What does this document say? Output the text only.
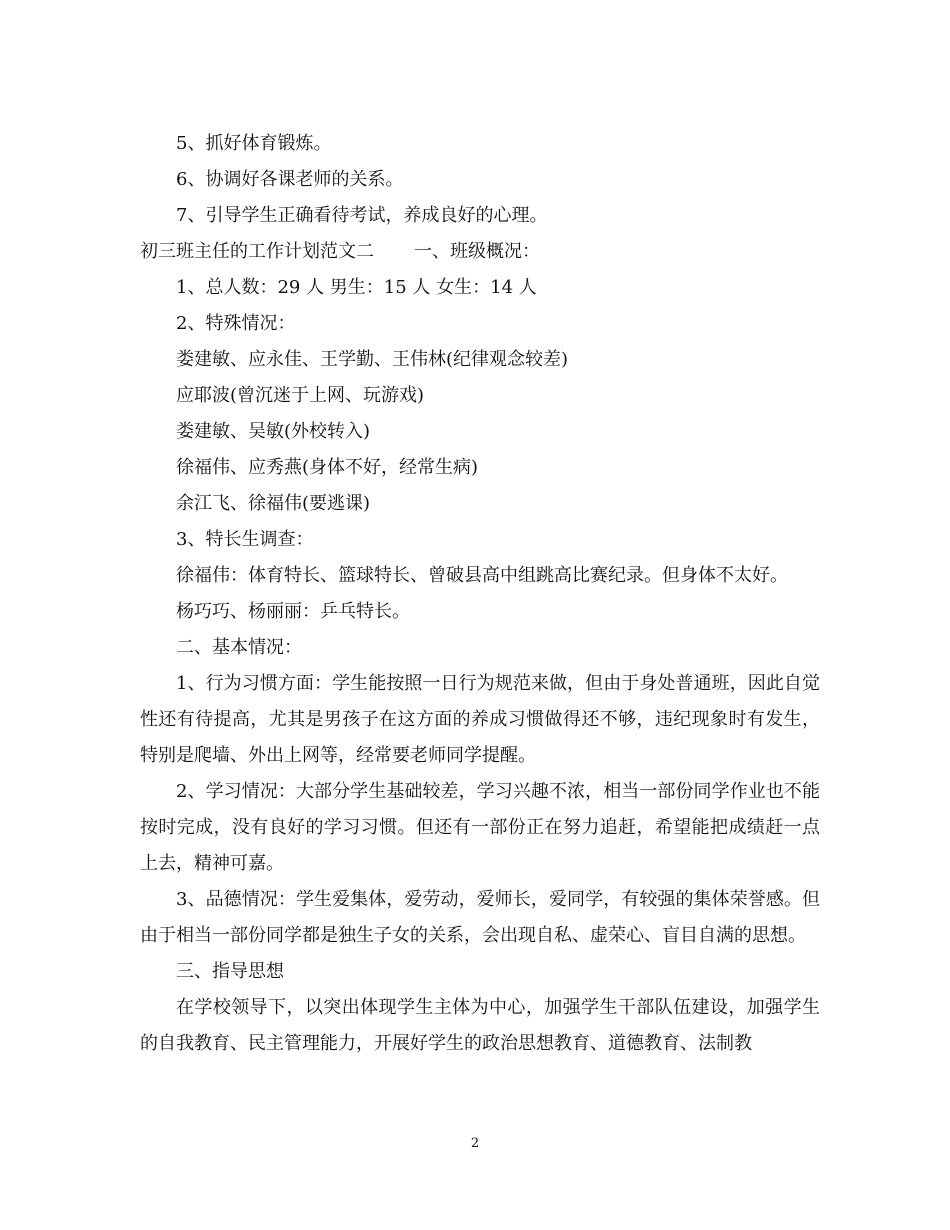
5、抓好体育锻炼。

6、协调好各课老师的关系。

7、引导学生正确看待考试，养成良好的心理。

初三班主任的工作计划范文二 一、班级概况：

1、总人数：29 人 男生：15 人 女生：14 人

2、特殊情况：

娄建敏、应永佳、王学勤、王伟林(纪律观念较差)

应耶波(曾沉迷于上网、玩游戏)

娄建敏、吴敏(外校转入)

徐福伟、应秀燕(身体不好，经常生病)

余江飞、徐福伟(要逃课)

3、特长生调查：

徐福伟：体育特长、篮球特长、曾破县高中组跳高比赛纪录。但身体不太好。

杨巧巧、杨丽丽：乒乓特长。

二、基本情况：

1、行为习惯方面：学生能按照一日行为规范来做，但由于身处普通班，因此自觉性还有待提高，尤其是男孩子在这方面的养成习惯做得还不够，违纪现象时有发生，特别是爬墙、外出上网等，经常要老师同学提醒。

2、学习情况：大部分学生基础较差，学习兴趣不浓，相当一部份同学作业也不能按时完成，没有良好的学习习惯。但还有一部份正在努力追赶，希望能把成绩赶一点上去，精神可嘉。

3、品德情况：学生爱集体，爱劳动，爱师长，爱同学，有较强的集体荣誉感。但由于相当一部份同学都是独生子女的关系，会出现自私、虚荣心、盲目自满的思想。

三、指导思想

在学校领导下，以突出体现学生主体为中心，加强学生干部队伍建设，加强学生的自我教育、民主管理能力，开展好学生的政治思想教育、道德教育、法制教

2
